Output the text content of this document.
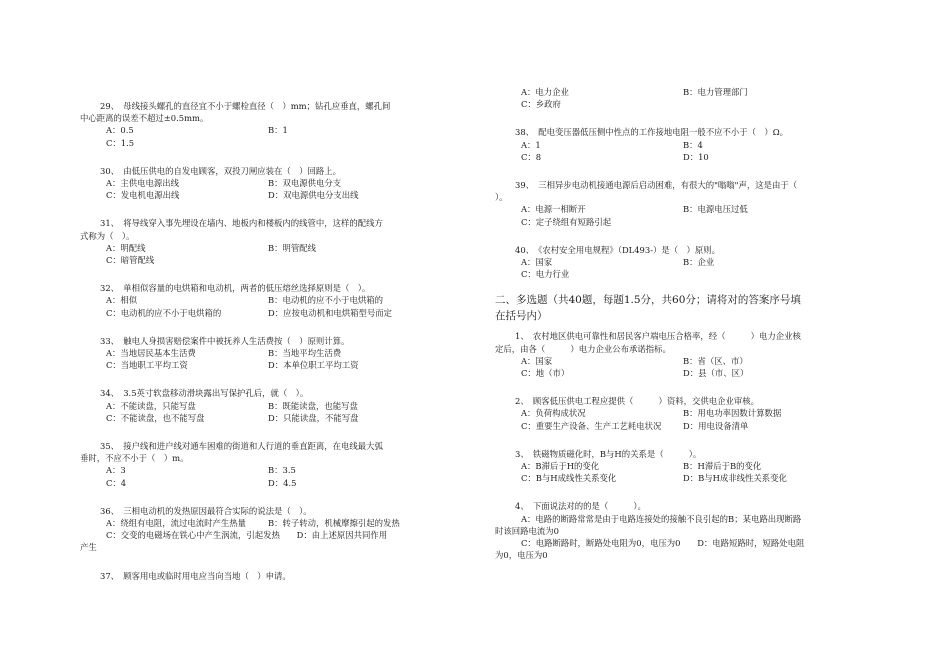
29、　母线接头螺孔的直径宜不小于螺栓直径（　）mm；钻孔应垂直，螺孔间
中心距离的误差不超过±0.5mm。
A：0.5	B：1
C：1.5
30、　由低压供电的自发电顾客，双投刀闸应装在（　）回路上。
A：主供电电源出线	B：双电源供电分支
C：发电机电源出线	D：双电源供电分支出线
31、　将导线穿入事先埋设在墙内、地板内和楼板内的线管中，这样的配线方
式称为（　）。
A：明配线	B：明管配线
C：暗管配线
32、　单相似容量的电烘箱和电动机，两者的低压熔丝选择原则是（　）。
A：相似	B：电动机的应不小于电烘箱的
C：电动机的应不小于电烘箱的	D：应按电动机和电烘箱型号而定
33、　触电人身损害赔偿案件中被抚养人生活费按（　）原则计算。
A：当地居民基本生活费	B：当地平均生活费
C：当地职工平均工资	D：本单位职工平均工资
34、　3.5英寸软盘移动滑块露出写保护孔后，就（　）。
A：不能读盘，只能写盘	B：既能读盘，也能写盘
C：不能读盘，也不能写盘	D：只能读盘，不能写盘
35、　接户线和进户线对通车困难的街道和人行道的垂直距离，在电线最大弧
垂时，不应不小于（　）m。
A：3	B：3.5
C：4	D：4.5
36、　三相电动机的发热原因最符合实际的说法是（　）。
A：绕组有电阻，流过电流时产生热量	B：转子转动，机械摩擦引起的发热
C：交变的电磁场在铁心中产生涡流，引起发热　　D：由上述原因共同作用
产生
37、　顾客用电或临时用电应当向当地（　）申请。
A：电力企业	B：电力管理部门
C：乡政府
38、　配电变压器低压侧中性点的工作接地电阻一般不应不小于（　）Ω。
A：1	B：4
C：8	D：10
39、　三相异步电动机接通电源后启动困难，有很大的"嗡嗡"声，这是由于（
）。
A：电源一相断开	B：电源电压过低
C：定子绕组有短路引起
40、　《农村安全用电规程》（DL493-）是（　）原则。
A：国家	B：企业
C：电力行业
二、多选题（共40题，每题1.5分，共60分；请将对的答案序号填
在括号内）
1、　农村地区供电可靠性和居民客户端电压合格率，经（　　　）电力企业核
定后，由各（　　　）电力企业公布承诺指标。
A：国家	B：省（区、市）
C：地（市）	D：县（市、区）
2、　顾客低压供电工程应提供（　　　）资料，交供电企业审核。
A：负荷构成状况	B：用电功率因数计算数据
C：重要生产设备、生产工艺耗电状况	D：用电设备清单
3、　铁磁物质磁化时，B与H的关系是（　　　）。
A：B滞后于H的变化	B：H滞后于B的变化
C：B与H成线性关系变化	D：B与H成非线性关系变化
4、　下面说法对的的是（　　　）。
A：电路的断路常常是由于电路连接处的接触不良引起的B；某电路出现断路
时该回路电流为0
C：电路断路时，断路处电阻为0，电压为0　　D：电路短路时，短路处电阻
为0，电压为0
